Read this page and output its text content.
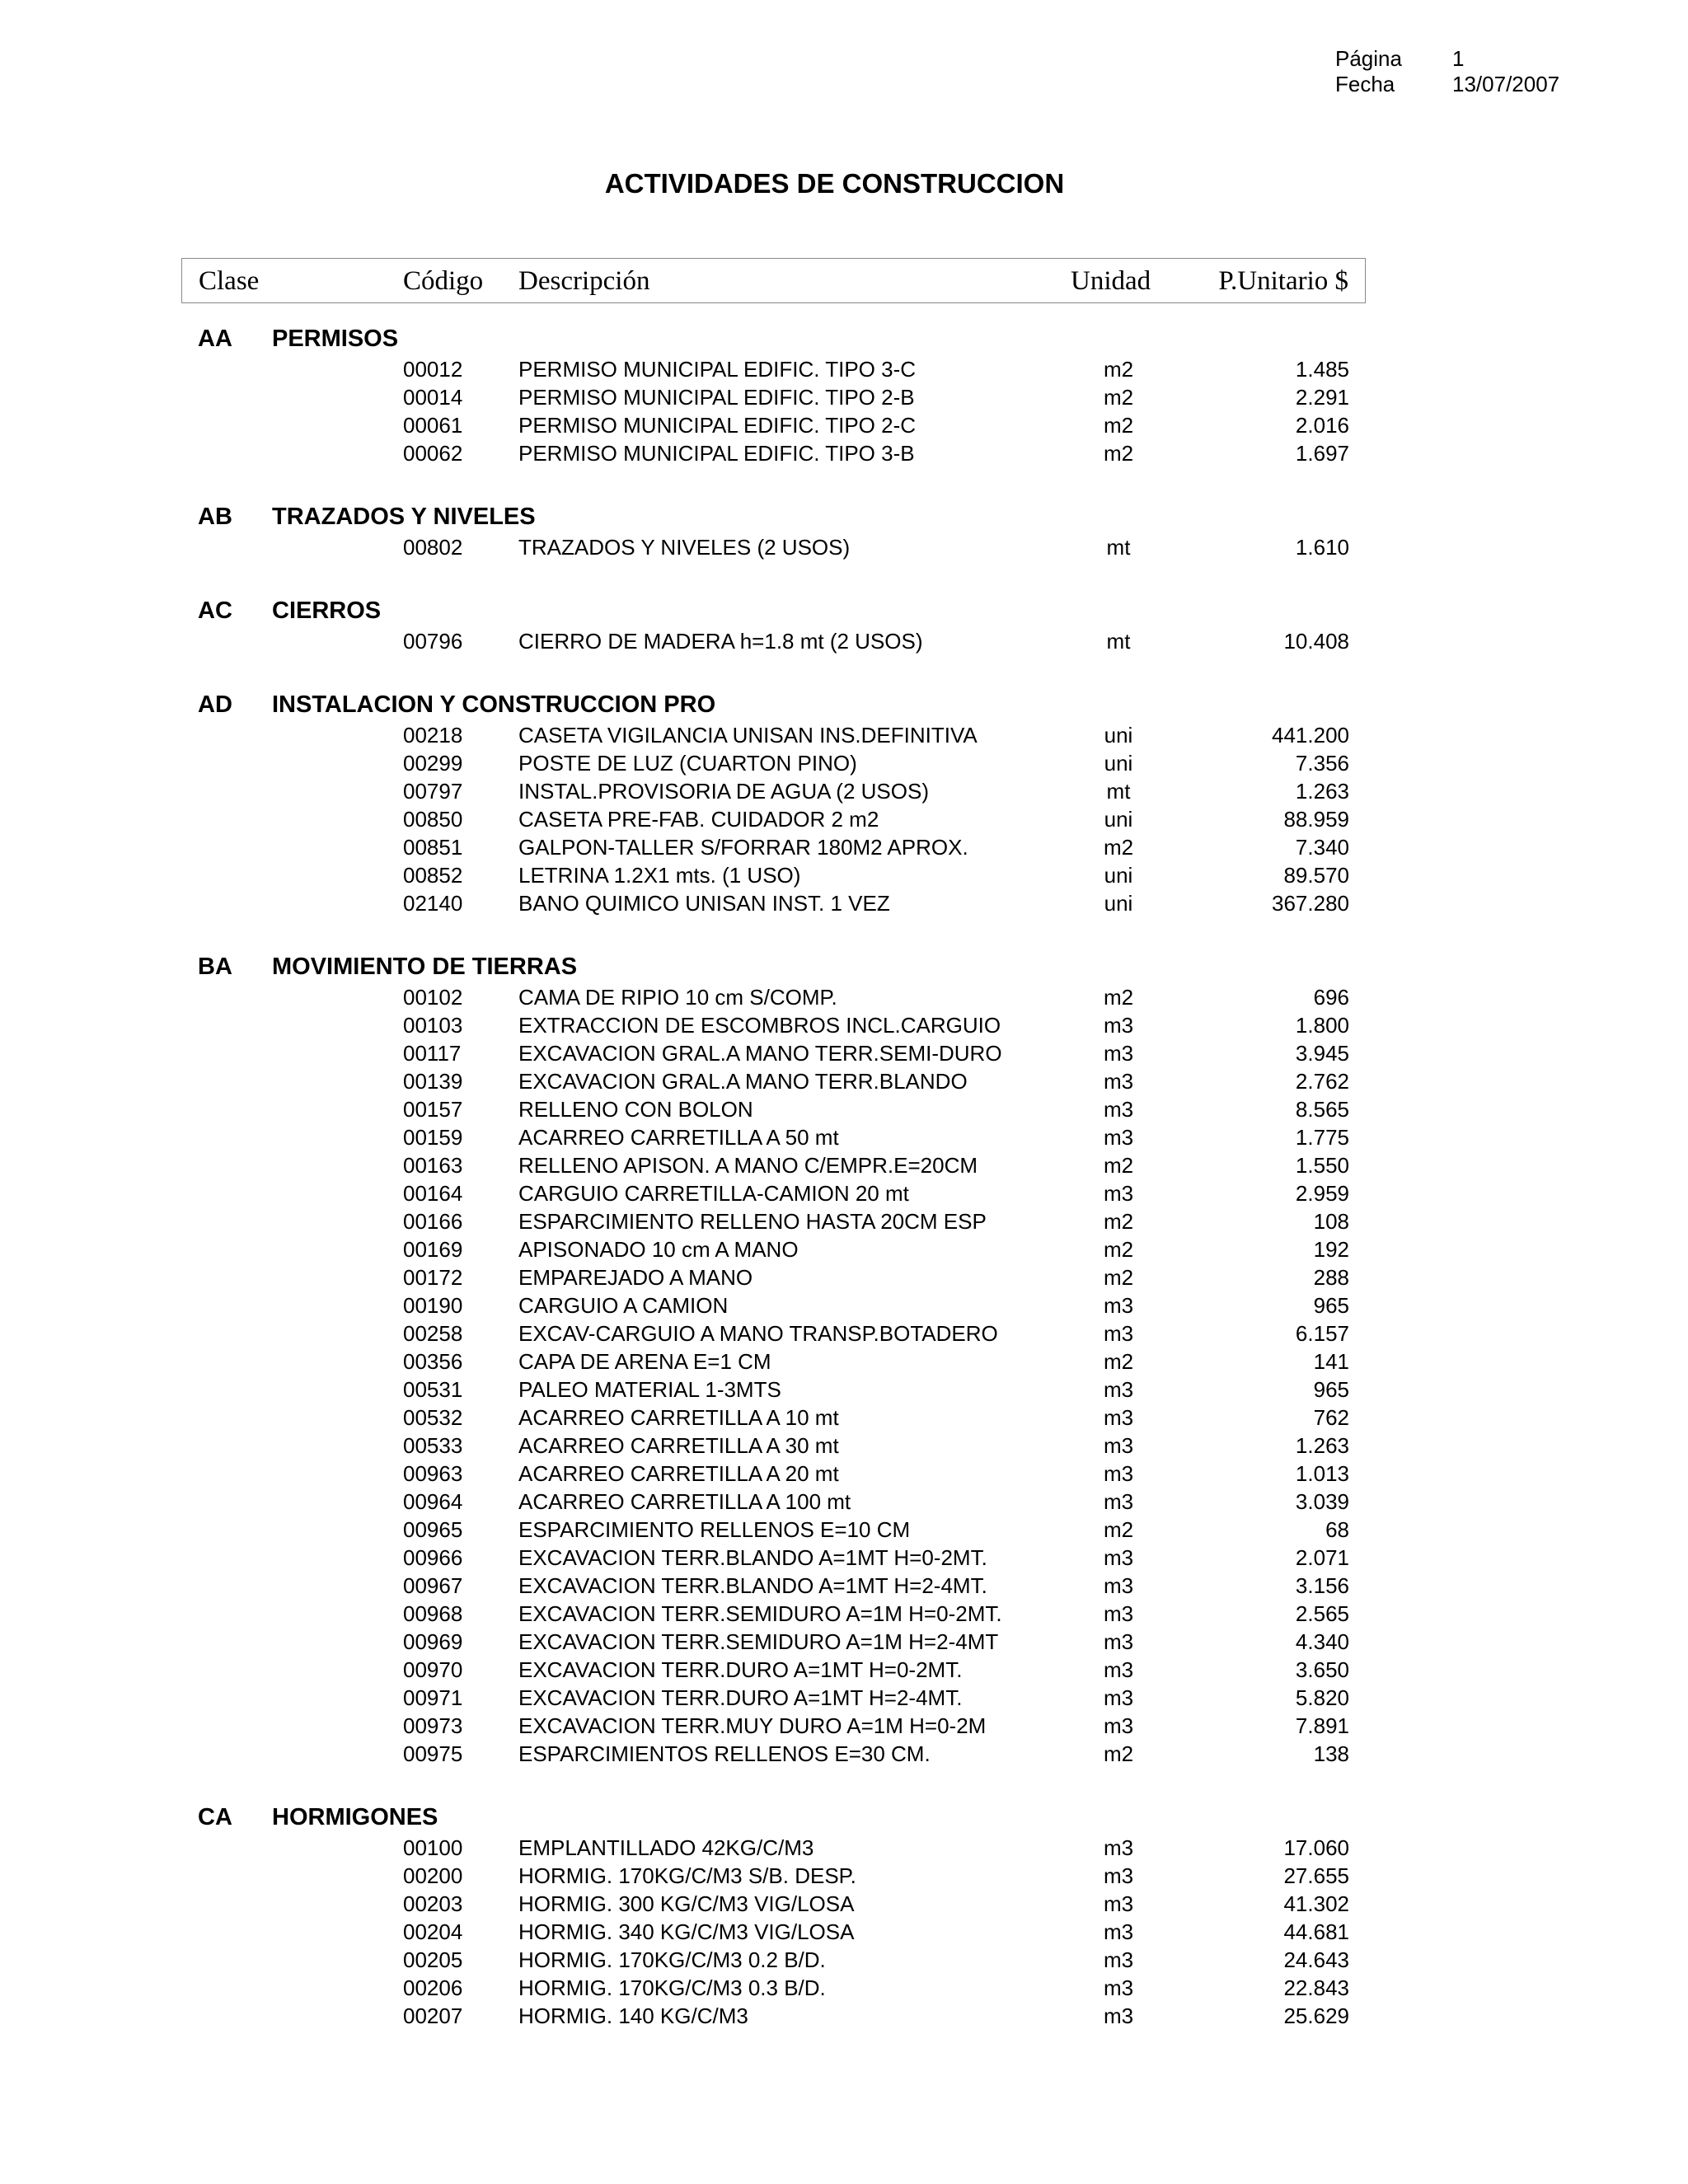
Página 1
Fecha	13/07/2007
ACTIVIDADES DE CONSTRUCCION
Clase	Código Descripción	Unidad P.Unitario $
AA PERMISOS
00012	PERMISO MUNICIPAL EDIFIC. TIPO 3-C	m2	1.485
00014	PERMISO MUNICIPAL EDIFIC. TIPO 2-B	m2	2.291
00061	PERMISO MUNICIPAL EDIFIC. TIPO 2-C	m2	2.016
00062	PERMISO MUNICIPAL EDIFIC. TIPO 3-B	m2	1.697
AB TRAZADOS Y NIVELES
00802	TRAZADOS Y NIVELES (2 USOS)	mt	1.610
AC CIERROS
00796	CIERRO DE MADERA h=1.8 mt (2 USOS)	mt	10.408
AD INSTALACION Y CONSTRUCCION PRO
00218	CASETA VIGILANCIA UNISAN INS.DEFINITIVA	uni	441.200
00299	POSTE DE LUZ (CUARTON PINO)	uni	7.356
00797	INSTAL.PROVISORIA DE AGUA (2 USOS)	mt	1.263
00850	CASETA PRE-FAB. CUIDADOR 2 m2	uni	88.959
00851	GALPON-TALLER S/FORRAR 180M2 APROX.	m2	7.340
00852	LETRINA 1.2X1 mts. (1 USO)	uni	89.570
02140	BANO QUIMICO UNISAN INST. 1 VEZ	uni	367.280
BA MOVIMIENTO DE TIERRAS
00102	CAMA DE RIPIO 10 cm S/COMP.	m2	696
00103	EXTRACCION DE ESCOMBROS INCL.CARGUIO	m3	1.800
00117	EXCAVACION GRAL.A MANO TERR.SEMI-DURO	m3	3.945
00139	EXCAVACION GRAL.A MANO TERR.BLANDO	m3	2.762
00157	RELLENO CON BOLON	m3	8.565
00159	ACARREO CARRETILLA A 50 mt	m3	1.775
00163	RELLENO APISON. A MANO C/EMPR.E=20CM	m2	1.550
00164	CARGUIO CARRETILLA-CAMION 20 mt	m3	2.959
00166	ESPARCIMIENTO RELLENO HASTA 20CM ESP	m2	108
00169	APISONADO 10 cm A MANO	m2	192
00172	EMPAREJADO A MANO	m2	288
00190	CARGUIO A CAMION	m3	965
00258	EXCAV-CARGUIO A MANO TRANSP.BOTADERO	m3	6.157
00356	CAPA DE ARENA E=1 CM	m2	141
00531	PALEO MATERIAL 1-3MTS	m3	965
00532	ACARREO CARRETILLA A 10 mt	m3	762
00533	ACARREO CARRETILLA A 30 mt	m3	1.263
00963	ACARREO CARRETILLA A 20 mt	m3	1.013
00964	ACARREO CARRETILLA A 100 mt	m3	3.039
00965	ESPARCIMIENTO RELLENOS E=10 CM	m2	68
00966	EXCAVACION TERR.BLANDO A=1MT H=0-2MT.	m3	2.071
00967	EXCAVACION TERR.BLANDO A=1MT H=2-4MT.	m3	3.156
00968	EXCAVACION TERR.SEMIDURO A=1M H=0-2MT.	m3	2.565
00969	EXCAVACION TERR.SEMIDURO A=1M H=2-4MT	m3	4.340
00970	EXCAVACION TERR.DURO A=1MT H=0-2MT.	m3	3.650
00971	EXCAVACION TERR.DURO A=1MT H=2-4MT.	m3	5.820
00973	EXCAVACION TERR.MUY DURO A=1M H=0-2M	m3	7.891
00975	ESPARCIMIENTOS RELLENOS E=30 CM.	m2	138
CA HORMIGONES
00100	EMPLANTILLADO 42KG/C/M3	m3	17.060
00200	HORMIG. 170KG/C/M3 S/B. DESP.	m3	27.655
00203	HORMIG. 300 KG/C/M3 VIG/LOSA	m3	41.302
00204	HORMIG. 340 KG/C/M3 VIG/LOSA	m3	44.681
00205	HORMIG. 170KG/C/M3 0.2 B/D.	m3	24.643
00206	HORMIG. 170KG/C/M3 0.3 B/D.	m3	22.843
00207	HORMIG. 140 KG/C/M3	m3	25.629
